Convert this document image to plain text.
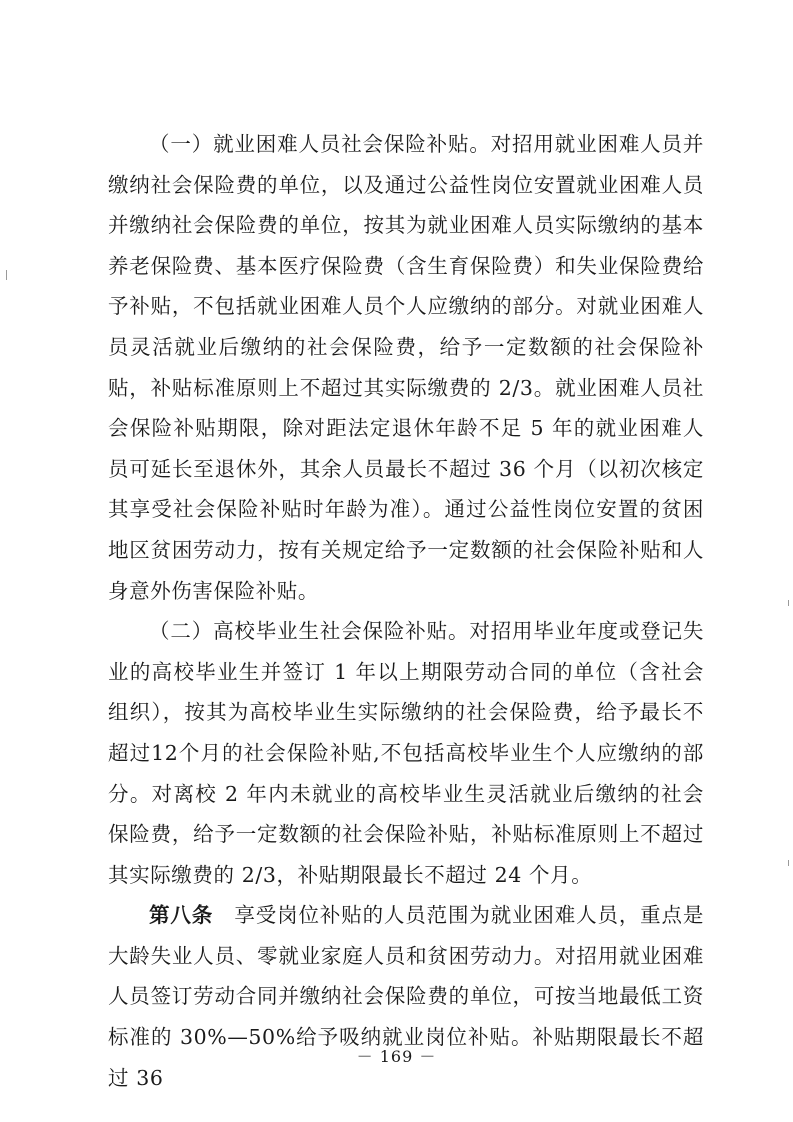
（一）就业困难人员社会保险补贴。对招用就业困难人员并缴纳社会保险费的单位，以及通过公益性岗位安置就业困难人员并缴纳社会保险费的单位，按其为就业困难人员实际缴纳的基本养老保险费、基本医疗保险费（含生育保险费）和失业保险费给予补贴，不包括就业困难人员个人应缴纳的部分。对就业困难人员灵活就业后缴纳的社会保险费，给予一定数额的社会保险补贴，补贴标准原则上不超过其实际缴费的 2/3。就业困难人员社会保险补贴期限，除对距法定退休年龄不足 5 年的就业困难人员可延长至退休外，其余人员最长不超过 36 个月（以初次核定其享受社会保险补贴时年龄为准）。通过公益性岗位安置的贫困地区贫困劳动力，按有关规定给予一定数额的社会保险补贴和人身意外伤害保险补贴。

（二）高校毕业生社会保险补贴。对招用毕业年度或登记失业的高校毕业生并签订 1 年以上期限劳动合同的单位（含社会组织），按其为高校毕业生实际缴纳的社会保险费，给予最长不超过12个月的社会保险补贴,不包括高校毕业生个人应缴纳的部分。对离校 2 年内未就业的高校毕业生灵活就业后缴纳的社会保险费，给予一定数额的社会保险补贴，补贴标准原则上不超过其实际缴费的 2/3，补贴期限最长不超过 24 个月。

第八条　享受岗位补贴的人员范围为就业困难人员，重点是大龄失业人员、零就业家庭人员和贫困劳动力。对招用就业困难人员签订劳动合同并缴纳社会保险费的单位，可按当地最低工资标准的 30%—50%给予吸纳就业岗位补贴。补贴期限最长不超过 36

－ 169 －
